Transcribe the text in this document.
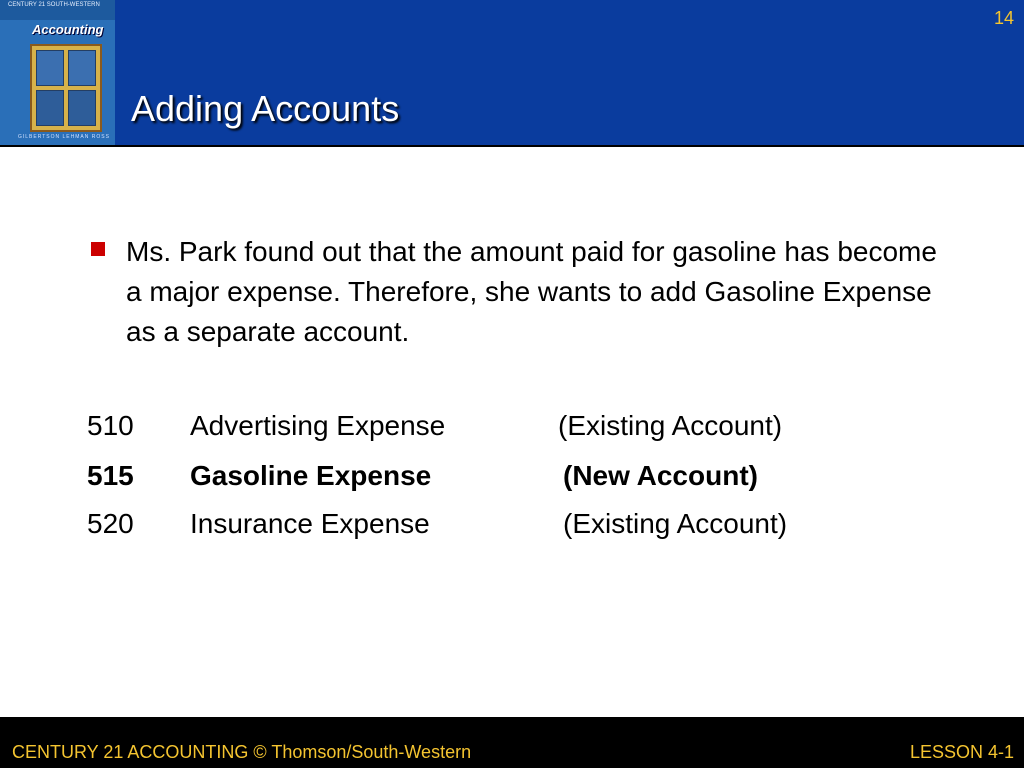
CENTURY 21 SOUTH-WESTERN
Accounting
GILBERTSON LEHMAN ROSS
14
Adding Accounts
Ms. Park found out that the amount paid for gasoline has become a major expense. Therefore, she wants to add Gasoline Expense as a separate account.
510 Advertising Expense	(Existing Account)
515 Gasoline Expense	(New Account)
520 Insurance Expense	(Existing Account)
CENTURY 21 ACCOUNTING © Thomson/South-Western	LESSON 4-1
